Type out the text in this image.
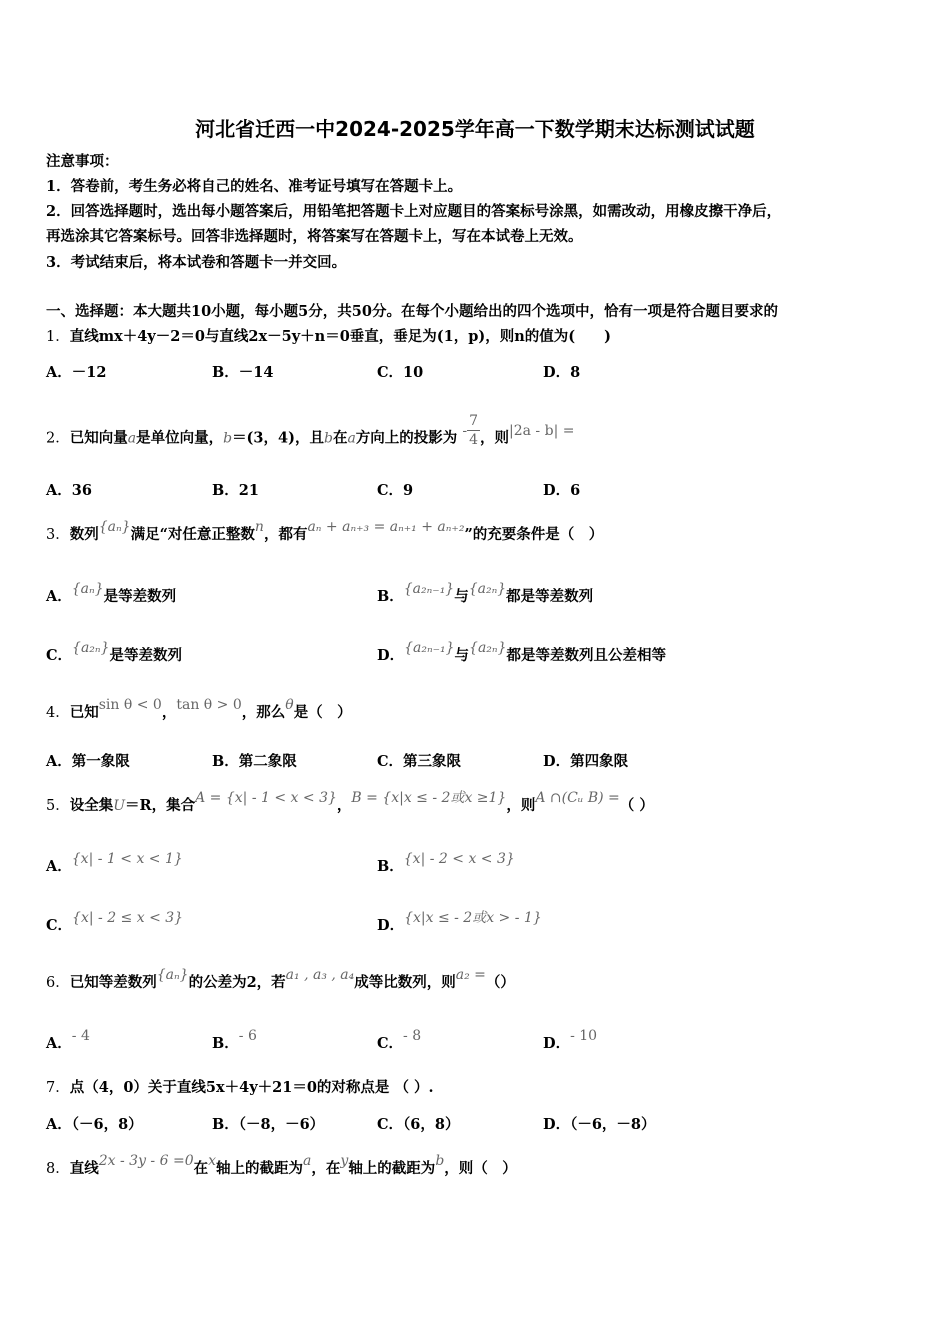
河北省迁西一中2024-2025学年高一下数学期末达标测试试题
注意事项：
1．答卷前，考生务必将自己的姓名、准考证号填写在答题卡上。
2．回答选择题时，选出每小题答案后，用铅笔把答题卡上对应题目的答案标号涂黑，如需改动，用橡皮擦干净后，
再选涂其它答案标号。回答非选择题时，将答案写在答题卡上，写在本试卷上无效。
3．考试结束后，将本试卷和答题卡一并交回。
一、选择题：本大题共10小题，每小题5分，共50分。在每个小题给出的四个选项中，恰有一项是符合题目要求的
1．直线mx＋4y－2＝0与直线2x－5y＋n＝0垂直，垂足为(1，p)，则n的值为(　　)
A．－12	B．－14	C．10	D．8
2．已知向量a是单位向量，b＝(3，4)，且b在a方向上的投影为 - $\frac{7}{4}$ ，则|2a - b| =
A．36	B．21	C．9	D．6
3．数列{aₙ}满足“对任意正整数n，都有aₙ + aₙ₊₃ = aₙ₊₁ + aₙ₊₂”的充要条件是（　）
A．{aₙ}是等差数列	B．{a₂ₙ₋₁}与{a₂ₙ}都是等差数列
C．{a₂ₙ}是等差数列	D．{a₂ₙ₋₁}与{a₂ₙ}都是等差数列且公差相等
4．已知sin θ < 0，tan θ > 0，那么θ是（　）
A．第一象限	B．第二象限	C．第三象限	D．第四象限
5．设全集U＝R，集合A = {x| - 1 < x < 3}，B = {x|x ≤ - 2或x ≥1}，则A ∩(Cᵤ B) =（ ）
A．{x| - 1 < x < 1}	B．{x| - 2 < x < 3}
C．{x| - 2 ≤ x < 3}	D．{x|x ≤ - 2或x > - 1}
6．已知等差数列{aₙ}的公差为2，若a₁ , a₃ , a₄成等比数列，则a₂ =（）
A．- 4	B．- 6	C．- 8	D．- 10
7．点（4，0）关于直线5x＋4y＋21＝0的对称点是 （ ）.
A．（－6，8）	B．（－8，－6）	C．（6，8）	D．（－6，－8）
8．直线2x - 3y - 6 =0在x轴上的截距为a，在y轴上的截距为b，则（　）
